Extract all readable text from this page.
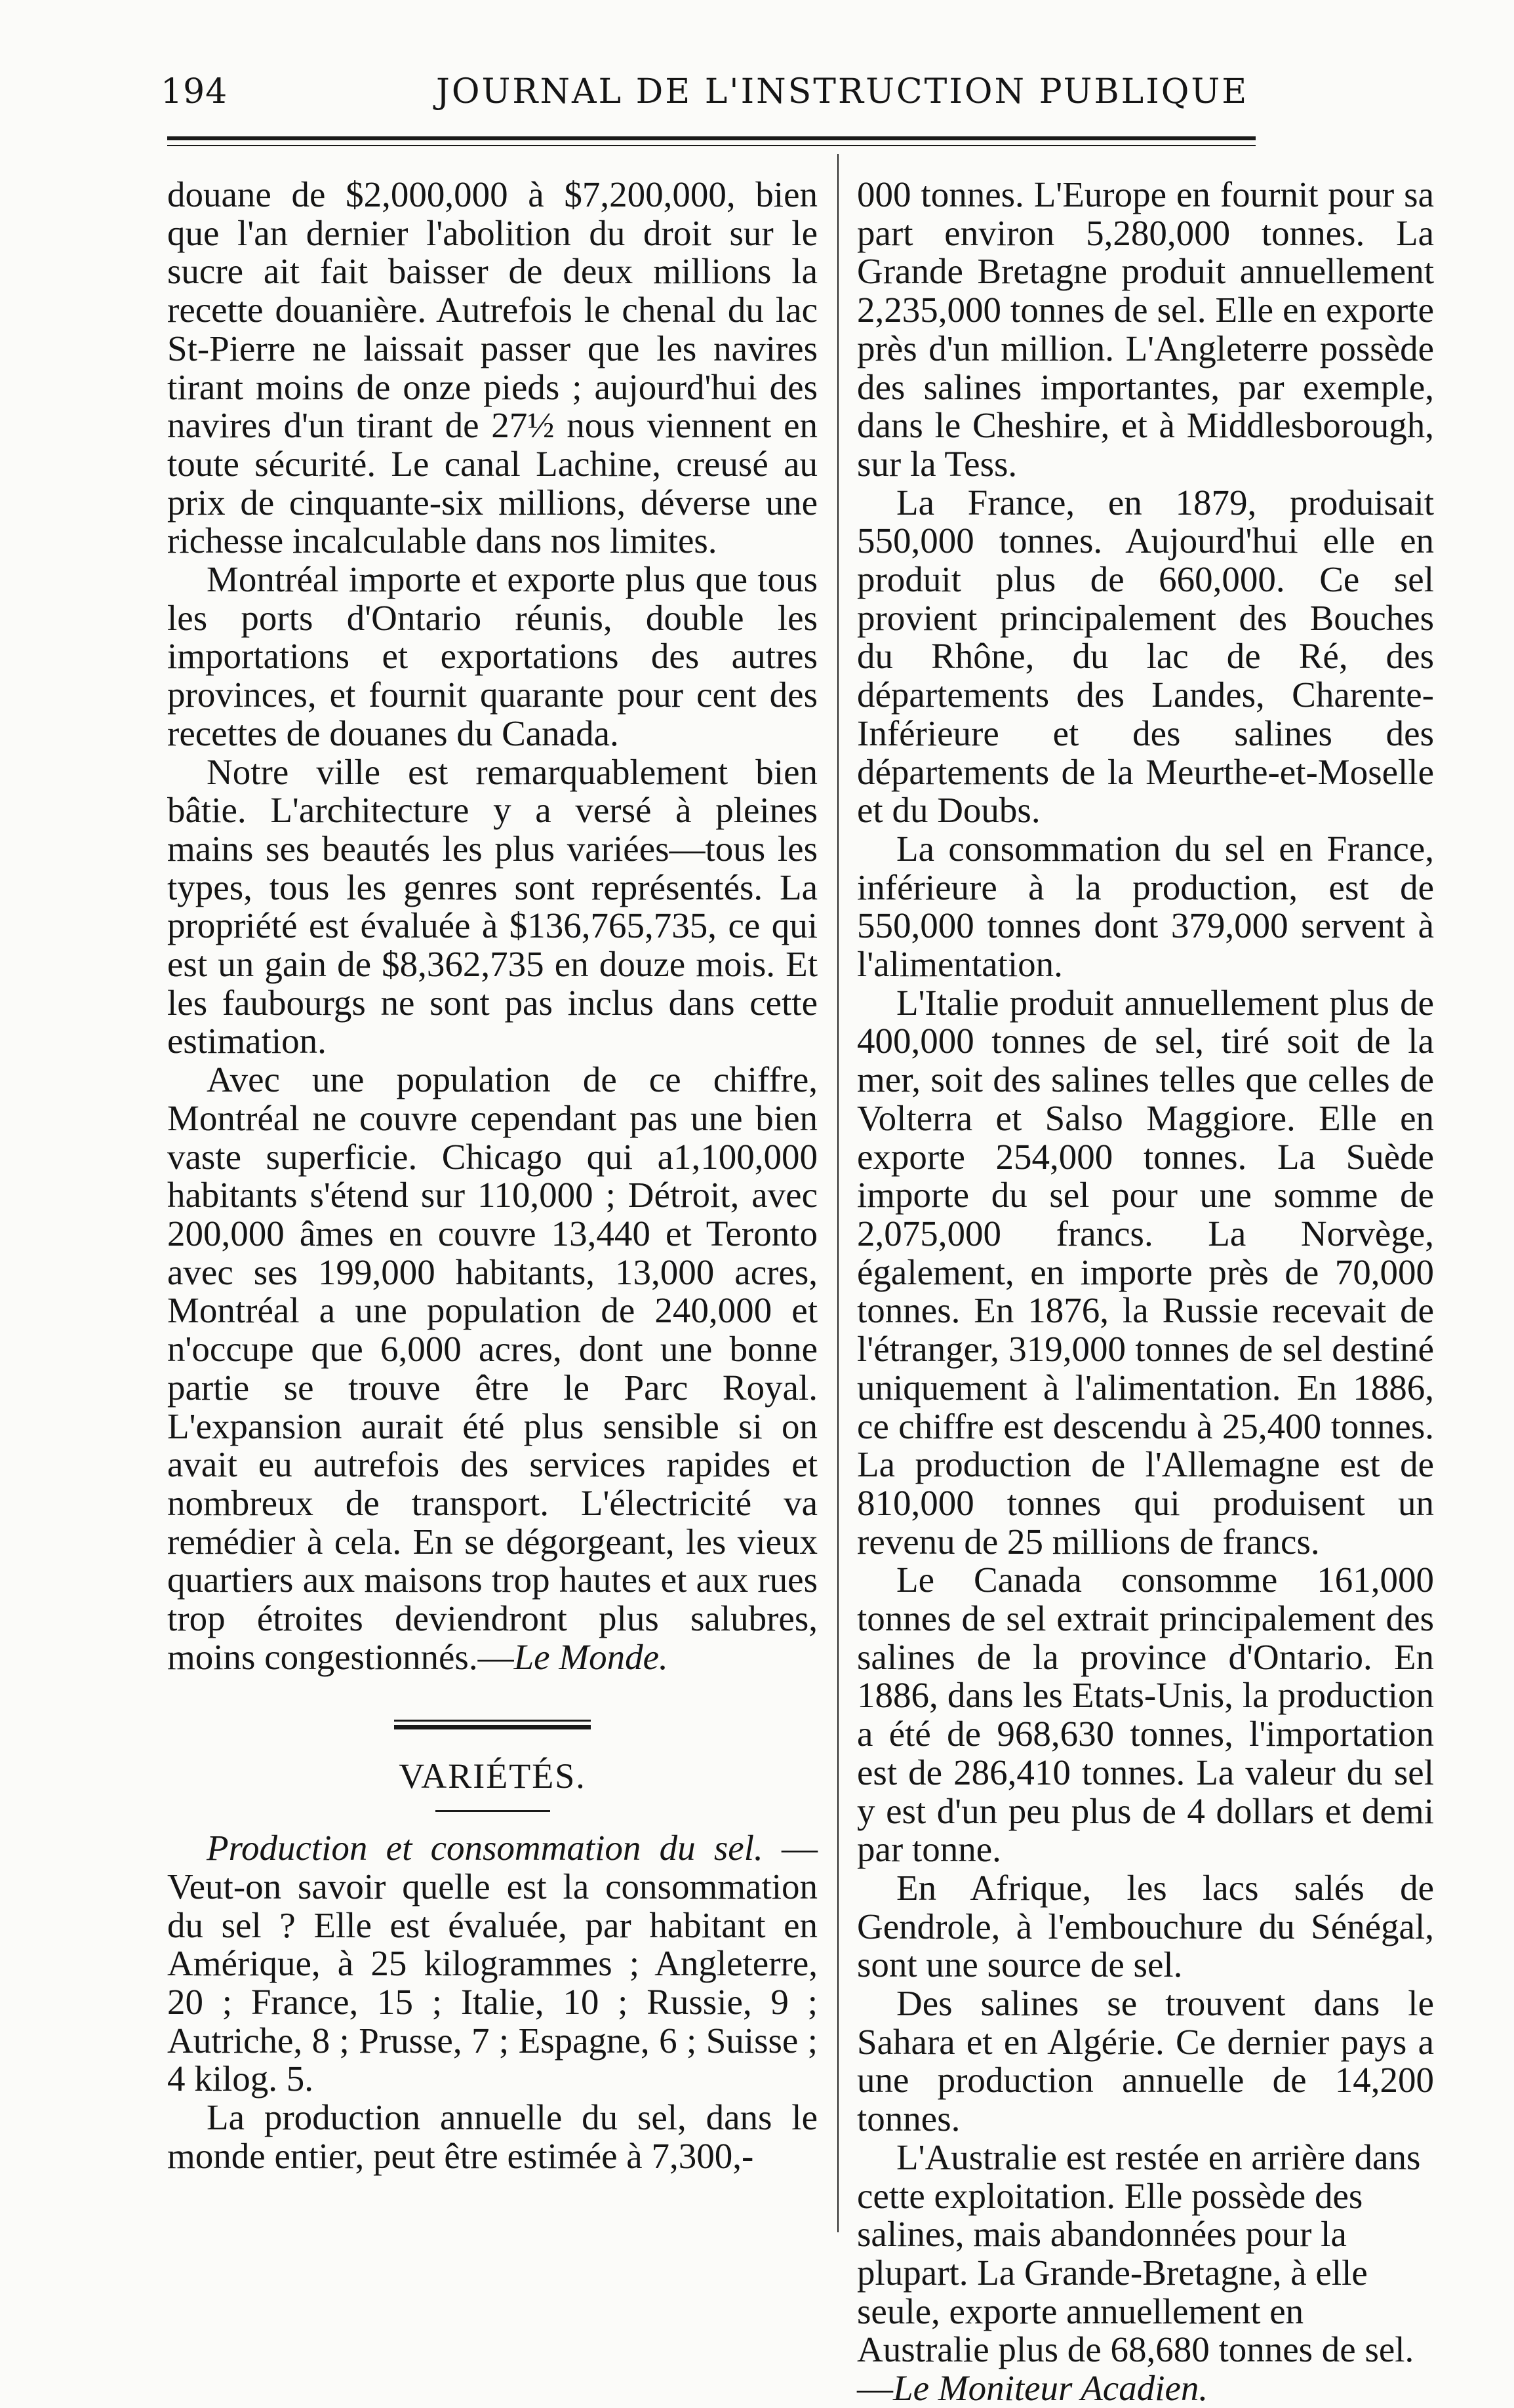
194	JOURNAL DE L'INSTRUCTION PUBLIQUE

douane de $2,000,000 à $7,200,000, bien que l'an dernier l'abolition du droit sur le sucre ait fait baisser de deux millions la recette douanière. Autrefois le chenal du lac St-Pierre ne laissait passer que les navires tirant moins de onze pieds ; aujourd'hui des navires d'un tirant de 27½ nous viennent en toute sécurité. Le canal Lachine, creusé au prix de cinquante-six millions, déverse une richesse incalculable dans nos limites.

Montréal importe et exporte plus que tous les ports d'Ontario réunis, double les importations et exportations des autres provinces, et fournit quarante pour cent des recettes de douanes du Canada.

Notre ville est remarquablement bien bâtie. L'architecture y a versé à pleines mains ses beautés les plus variées—tous les types, tous les genres sont représentés. La propriété est évaluée à $136,765,735, ce qui est un gain de $8,362,735 en douze mois. Et les faubourgs ne sont pas inclus dans cette estimation.

Avec une population de ce chiffre, Montréal ne couvre cependant pas une bien vaste superficie. Chicago qui a1,100,000 habitants s'étend sur 110,000 ; Détroit, avec 200,000 âmes en couvre 13,440 et Teronto avec ses 199,000 habitants, 13,000 acres, Montréal a une population de 240,000 et n'occupe que 6,000 acres, dont une bonne partie se trouve être le Parc Royal. L'expansion aurait été plus sensible si on avait eu autrefois des services rapides et nombreux de transport. L'électricité va remédier à cela. En se dégorgeant, les vieux quartiers aux maisons trop hautes et aux rues trop étroites deviendront plus salubres, moins congestionnés.—Le Monde.

VARIÉTÉS.

Production et consommation du sel. —Veut-on savoir quelle est la consommation du sel ? Elle est évaluée, par habitant en Amérique, à 25 kilogrammes ; Angleterre, 20 ; France, 15 ; Italie, 10 ; Russie, 9 ; Autriche, 8 ; Prusse, 7 ; Espagne, 6 ; Suisse ; 4 kilog. 5.

La production annuelle du sel, dans le monde entier, peut être estimée à 7,300,-

000 tonnes. L'Europe en fournit pour sa part environ 5,280,000 tonnes. La Grande Bretagne produit annuellement 2,235,000 tonnes de sel. Elle en exporte près d'un million. L'Angleterre possède des salines importantes, par exemple, dans le Cheshire, et à Middlesborough, sur la Tess.

La France, en 1879, produisait 550,000 tonnes. Aujourd'hui elle en produit plus de 660,000. Ce sel provient principalement des Bouches du Rhône, du lac de Ré, des départements des Landes, Charente-Inférieure et des salines des départements de la Meurthe-et-Moselle et du Doubs.

La consommation du sel en France, inférieure à la production, est de 550,000 tonnes dont 379,000 servent à l'alimentation.

L'Italie produit annuellement plus de 400,000 tonnes de sel, tiré soit de la mer, soit des salines telles que celles de Volterra et Salso Maggiore. Elle en exporte 254,000 tonnes. La Suède importe du sel pour une somme de 2,075,000 francs. La Norvège, également, en importe près de 70,000 tonnes. En 1876, la Russie recevait de l'étranger, 319,000 tonnes de sel destiné uniquement à l'alimentation. En 1886, ce chiffre est descendu à 25,400 tonnes. La production de l'Allemagne est de 810,000 tonnes qui produisent un revenu de 25 millions de francs.

Le Canada consomme 161,000 tonnes de sel extrait principalement des salines de la province d'Ontario. En 1886, dans les Etats-Unis, la production a été de 968,630 tonnes, l'importation est de 286,410 tonnes. La valeur du sel y est d'un peu plus de 4 dollars et demi par tonne.

En Afrique, les lacs salés de Gendrole, à l'embouchure du Sénégal, sont une source de sel.

Des salines se trouvent dans le Sahara et en Algérie. Ce dernier pays a une production annuelle de 14,200 tonnes.

L'Australie est restée en arrière dans cette exploitation. Elle possède des salines, mais abandonnées pour la plupart. La Grande-Bretagne, à elle seule, exporte annuellement en Australie plus de 68,680 tonnes de sel.—Le Moniteur Acadien.
